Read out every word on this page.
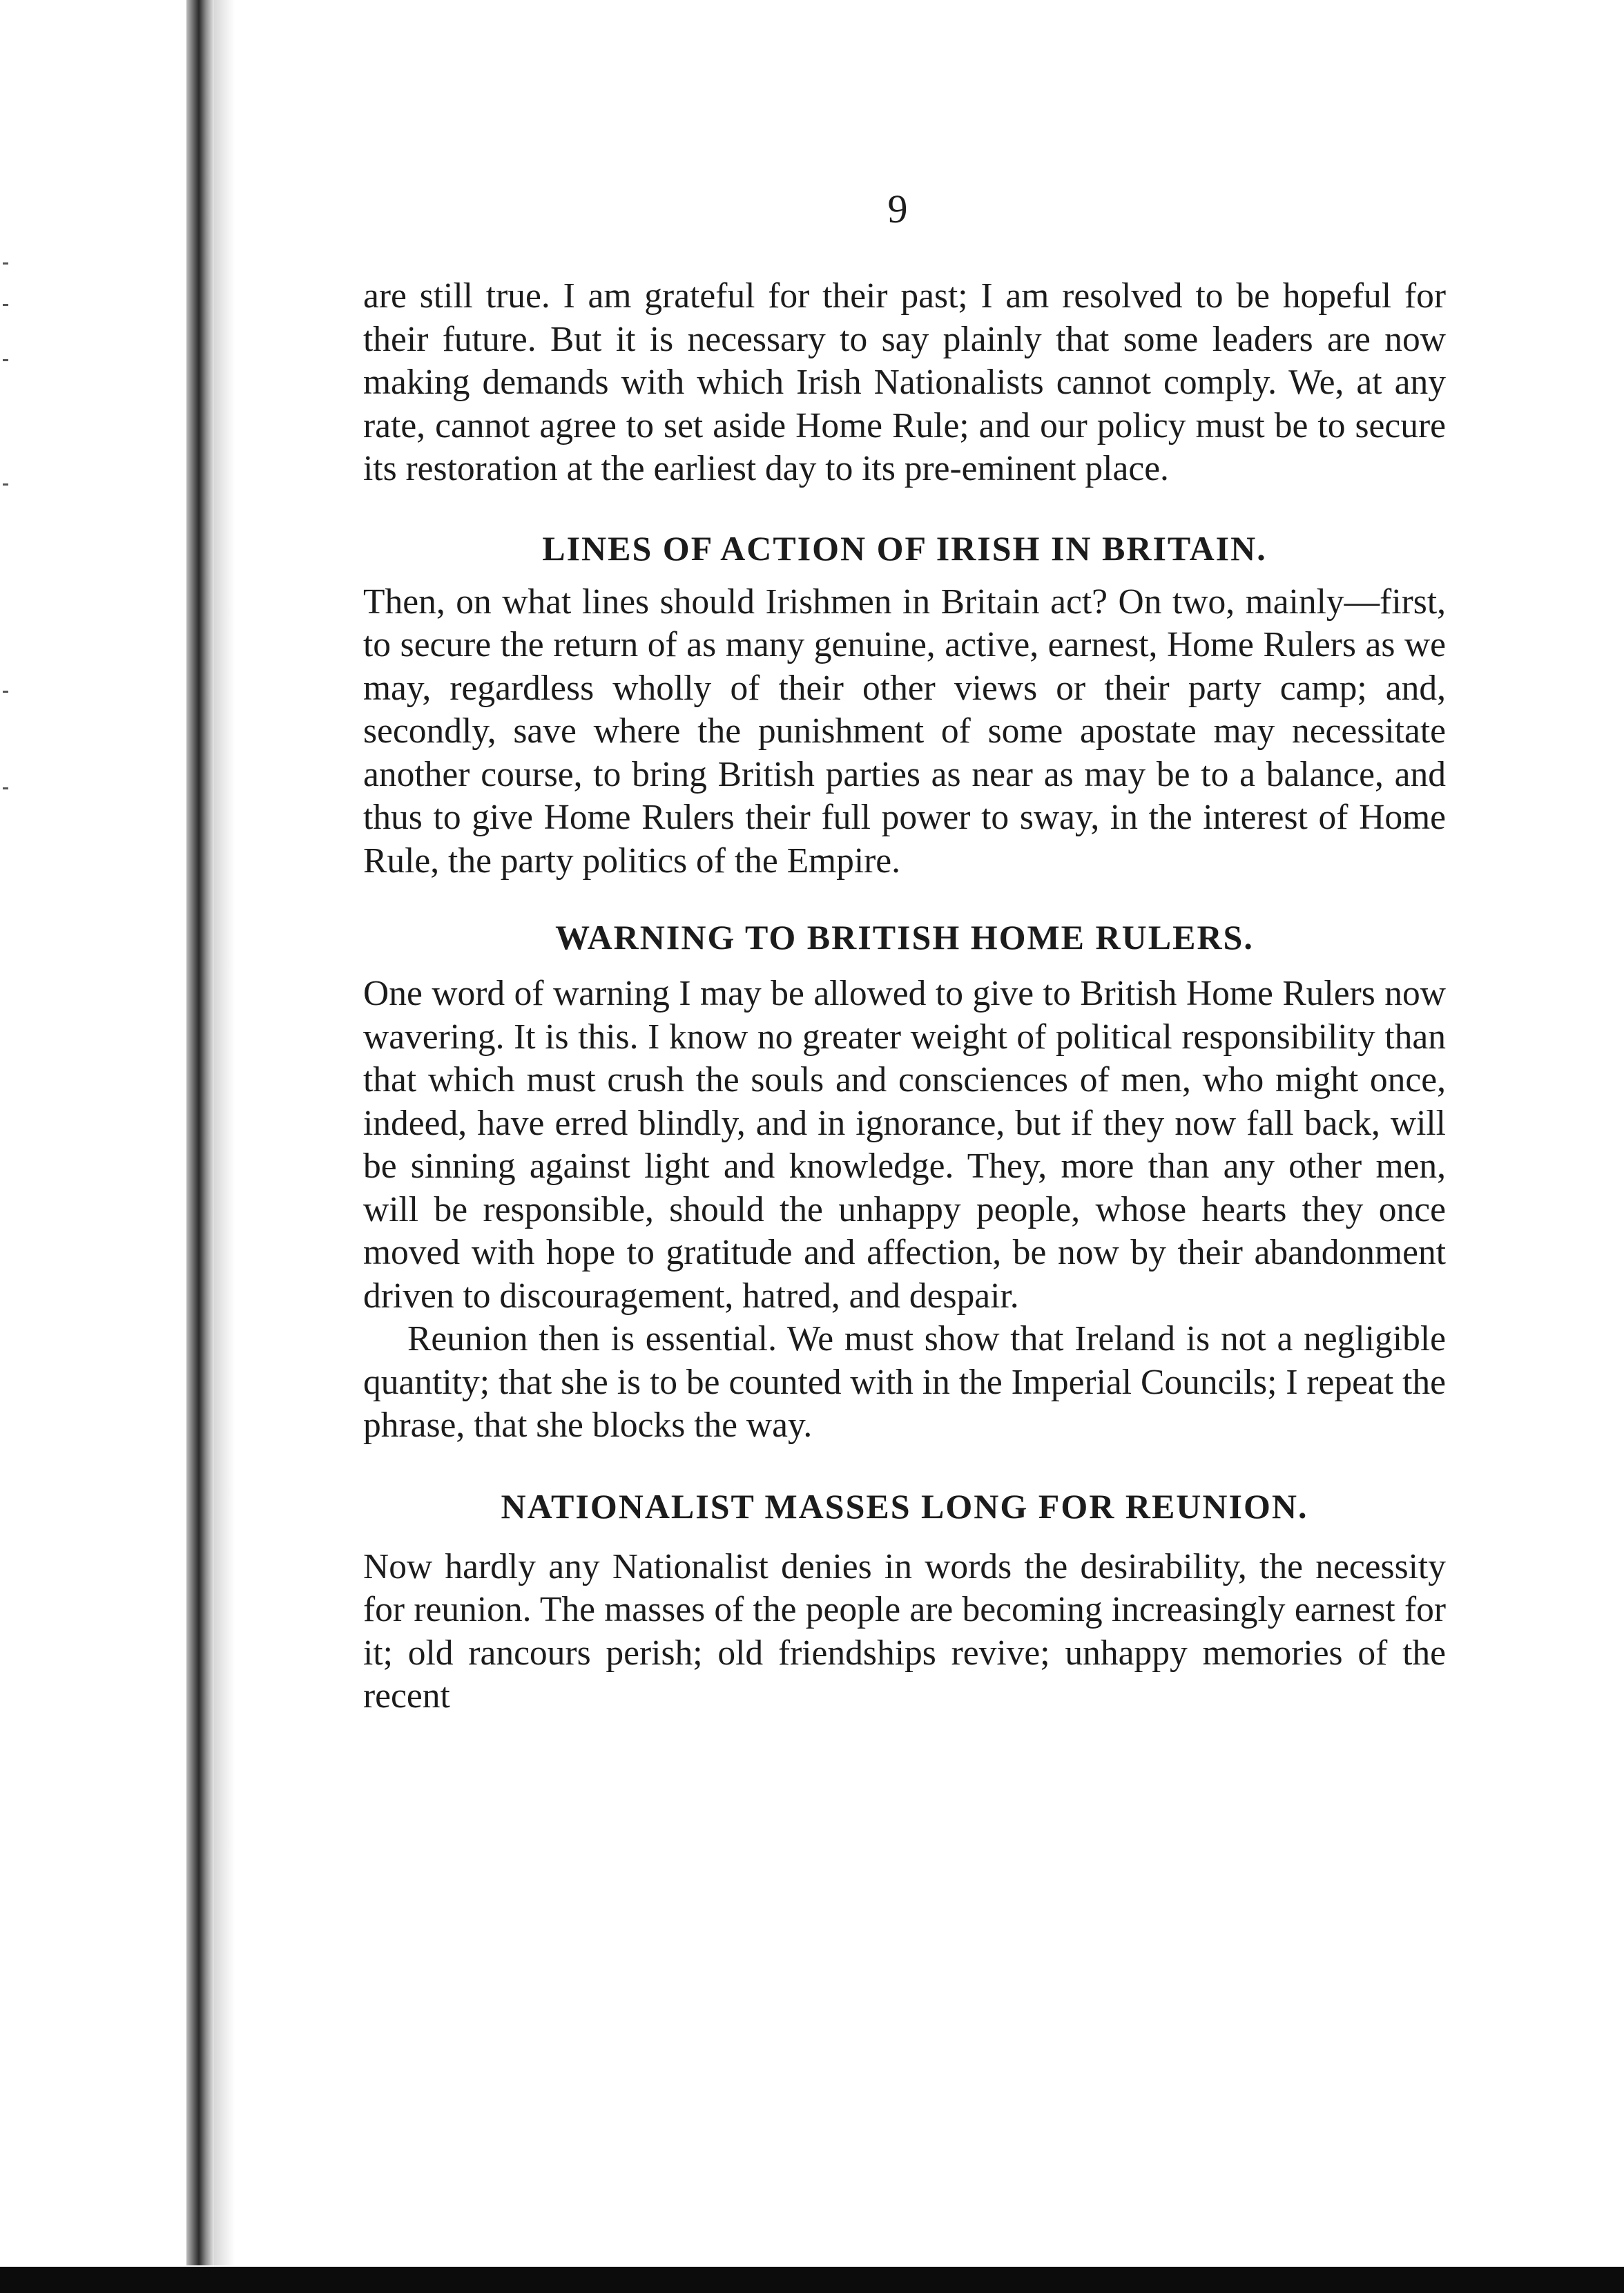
9

are still true. I am grateful for their past; I am resolved to be hopeful for their future. But it is necessary to say plainly that some leaders are now making demands with which Irish Nationalists cannot comply. We, at any rate, cannot agree to set aside Home Rule; and our policy must be to secure its restoration at the earliest day to its pre-eminent place.

LINES OF ACTION OF IRISH IN BRITAIN.

Then, on what lines should Irishmen in Britain act? On two, mainly—first, to secure the return of as many genuine, active, earnest, Home Rulers as we may, regardless wholly of their other views or their party camp; and, secondly, save where the punishment of some apostate may necessitate another course, to bring British parties as near as may be to a balance, and thus to give Home Rulers their full power to sway, in the interest of Home Rule, the party politics of the Empire.

WARNING TO BRITISH HOME RULERS.

One word of warning I may be allowed to give to British Home Rulers now wavering. It is this. I know no greater weight of political responsibility than that which must crush the souls and consciences of men, who might once, indeed, have erred blindly, and in ignorance, but if they now fall back, will be sinning against light and knowledge. They, more than any other men, will be responsible, should the unhappy people, whose hearts they once moved with hope to gratitude and affection, be now by their abandonment driven to discouragement, hatred, and despair.

Reunion then is essential. We must show that Ireland is not a negligible quantity; that she is to be counted with in the Imperial Councils; I repeat the phrase, that she blocks the way.

NATIONALIST MASSES LONG FOR REUNION.

Now hardly any Nationalist denies in words the desirability, the necessity for reunion. The masses of the people are becoming increasingly earnest for it; old rancours perish; old friendships revive; unhappy memories of the recent
